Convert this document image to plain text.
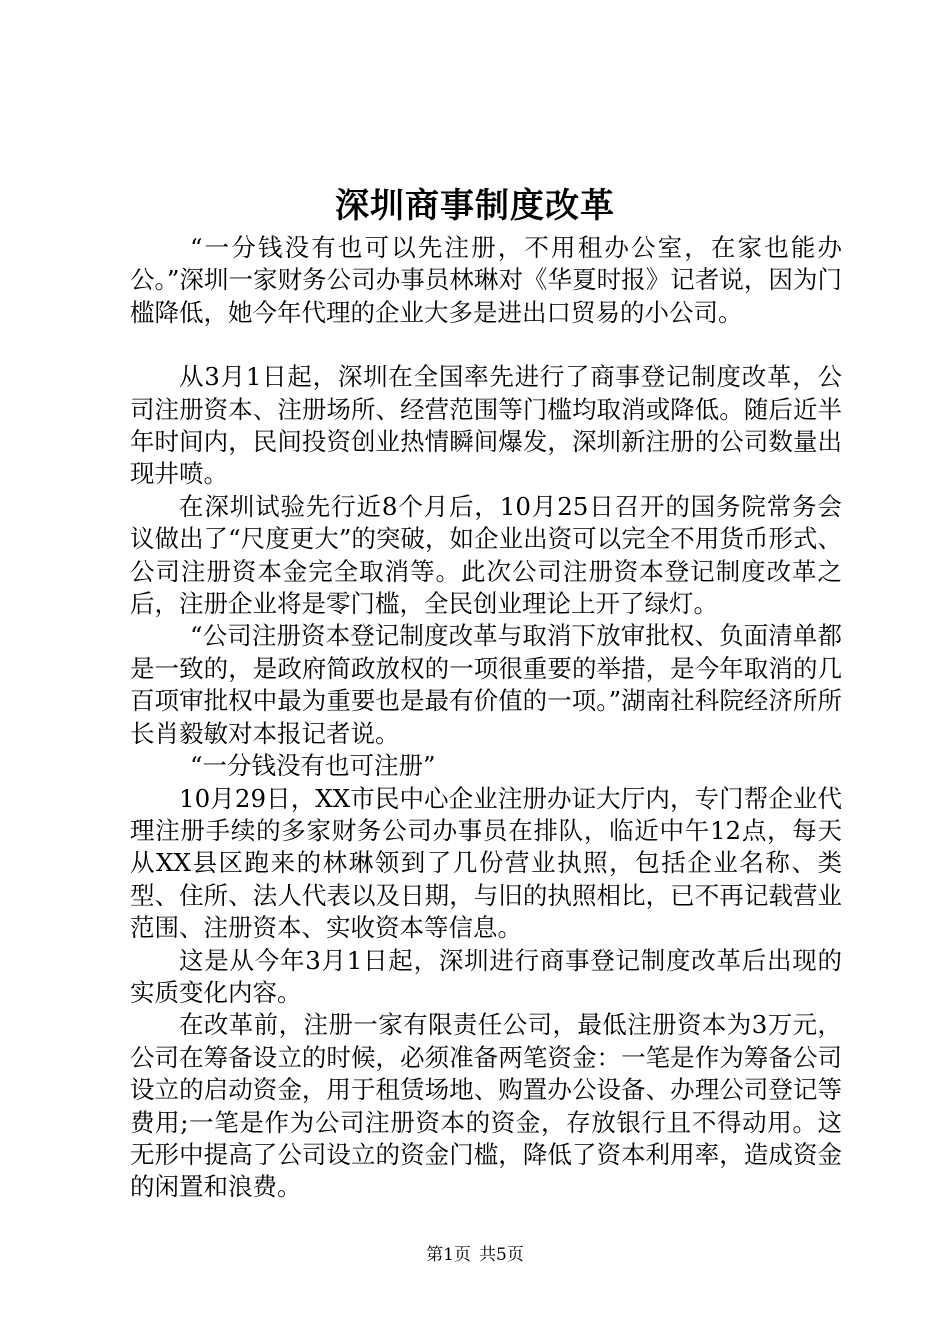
深圳商事制度改革

“一分钱没有也可以先注册，不用租办公室，在家也能办公。”深圳一家财务公司办事员林琳对《华夏时报》记者说，因为门槛降低，她今年代理的企业大多是进出口贸易的小公司。

从3月1日起，深圳在全国率先进行了商事登记制度改革，公司注册资本、注册场所、经营范围等门槛均取消或降低。随后近半年时间内，民间投资创业热情瞬间爆发，深圳新注册的公司数量出现井喷。

在深圳试验先行近8个月后，10月25日召开的国务院常务会议做出了“尺度更大”的突破，如企业出资可以完全不用货币形式、公司注册资本金完全取消等。此次公司注册资本登记制度改革之后，注册企业将是零门槛，全民创业理论上开了绿灯。

“公司注册资本登记制度改革与取消下放审批权、负面清单都是一致的，是政府简政放权的一项很重要的举措，是今年取消的几百项审批权中最为重要也是最有价值的一项。”湖南社科院经济所所长肖毅敏对本报记者说。

“一分钱没有也可注册”

10月29日，XX市民中心企业注册办证大厅内，专门帮企业代理注册手续的多家财务公司办事员在排队，临近中午12点，每天从XX县区跑来的林琳领到了几份营业执照，包括企业名称、类型、住所、法人代表以及日期，与旧的执照相比，已不再记载营业范围、注册资本、实收资本等信息。

这是从今年3月1日起，深圳进行商事登记制度改革后出现的实质变化内容。

在改革前，注册一家有限责任公司，最低注册资本为3万元，公司在筹备设立的时候，必须准备两笔资金：一笔是作为筹备公司设立的启动资金，用于租赁场地、购置办公设备、办理公司登记等费用;一笔是作为公司注册资本的资金，存放银行且不得动用。这无形中提高了公司设立的资金门槛，降低了资本利用率，造成资金的闲置和浪费。

第1页 共5页
